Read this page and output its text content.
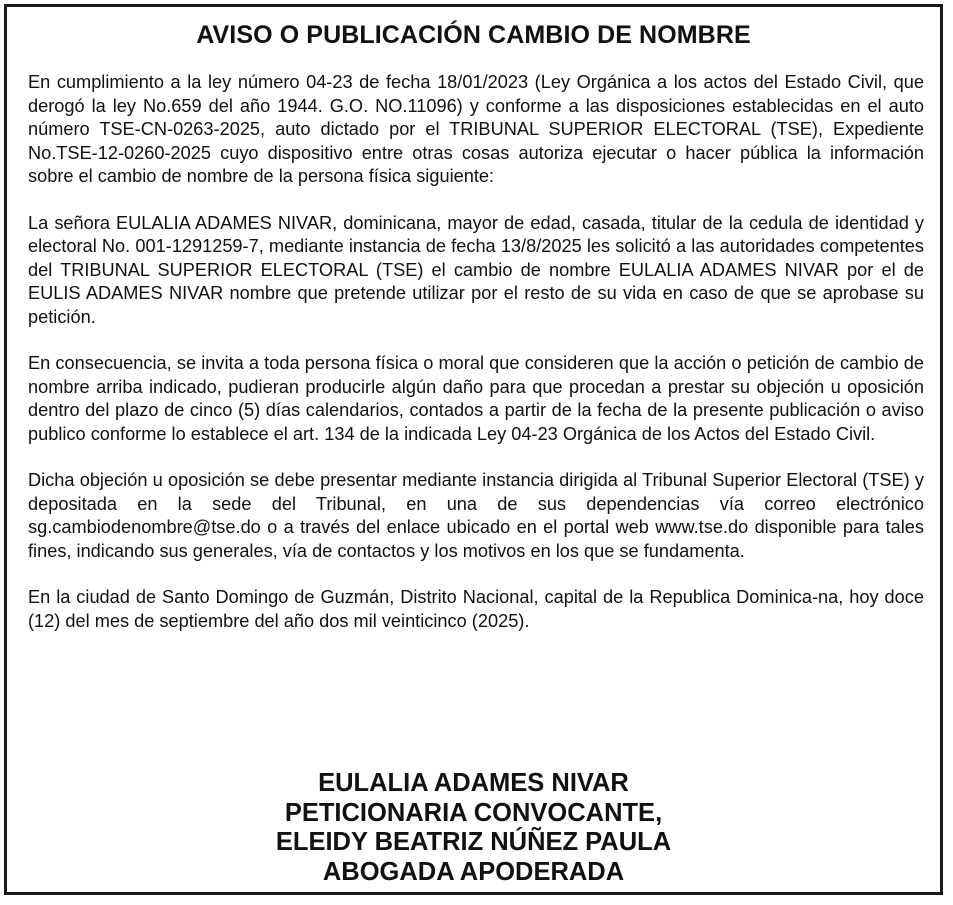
AVISO O PUBLICACIÓN CAMBIO DE NOMBRE

En cumplimiento a la ley número 04-23 de fecha 18/01/2023 (Ley Orgánica a los actos del Estado Civil, que derogó la ley No.659 del año 1944. G.O. NO.11096) y conforme a las disposiciones establecidas en el auto número TSE-CN-0263-2025, auto dictado por el TRIBUNAL SUPERIOR ELECTORAL (TSE), Expediente No.TSE-12-0260-2025 cuyo dispositivo entre otras cosas autoriza ejecutar o hacer pública la información sobre el cambio de nombre de la persona física siguiente:

La señora EULALIA ADAMES NIVAR, dominicana, mayor de edad, casada, titular de la cedula de identidad y electoral No. 001-1291259-7, mediante instancia de fecha 13/8/2025 les solicitó a las autoridades competentes del TRIBUNAL SUPERIOR ELECTORAL (TSE) el cambio de nombre EULALIA ADAMES NIVAR por el de EULIS ADAMES NIVAR nombre que pretende utilizar por el resto de su vida en caso de que se aprobase su petición.

En consecuencia, se invita a toda persona física o moral que consideren que la acción o petición de cambio de nombre arriba indicado, pudieran producirle algún daño para que procedan a prestar su objeción u oposición dentro del plazo de cinco (5) días calendarios, contados a partir de la fecha de la presente publicación o aviso publico conforme lo establece el art. 134 de la indicada Ley 04-23 Orgánica de los Actos del Estado Civil.

Dicha objeción u oposición se debe presentar mediante instancia dirigida al Tribunal Superior Electoral (TSE) y depositada en la sede del Tribunal, en una de sus dependencias vía correo electrónico sg.cambiodenombre@tse.do o a través del enlace ubicado en el portal web www.tse.do disponible para tales fines, indicando sus generales, vía de contactos y los motivos en los que se fundamenta.

En la ciudad de Santo Domingo de Guzmán, Distrito Nacional, capital de la Republica Dominica-na, hoy doce (12) del mes de septiembre del año dos mil veinticinco (2025).

EULALIA ADAMES NIVAR
PETICIONARIA CONVOCANTE,
ELEIDY BEATRIZ NÚÑEZ PAULA
ABOGADA APODERADA
